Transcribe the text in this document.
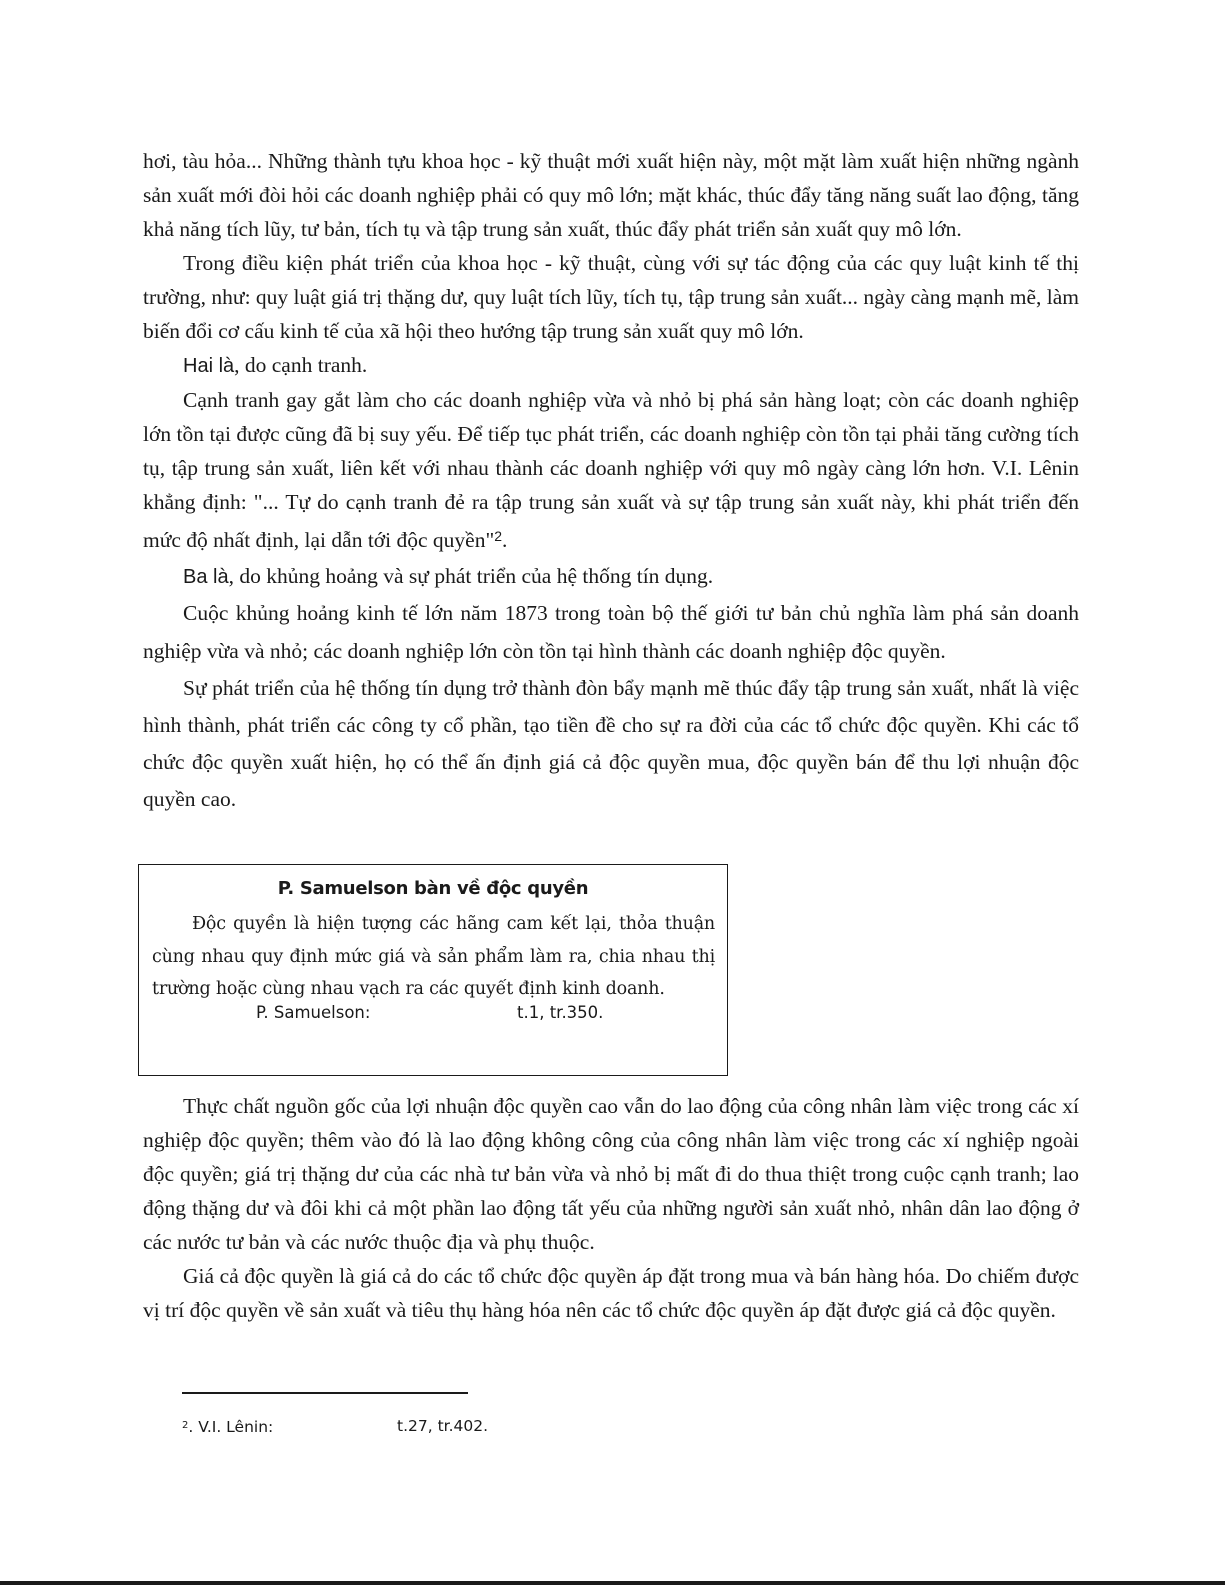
hơi, tàu hỏa... Những thành tựu khoa học - kỹ thuật mới xuất hiện này, một mặt làm xuất hiện những ngành sản xuất mới đòi hỏi các doanh nghiệp phải có quy mô lớn; mặt khác, thúc đẩy tăng năng suất lao động, tăng khả năng tích lũy, tư bản, tích tụ và tập trung sản xuất, thúc đẩy phát triển sản xuất quy mô lớn.

Trong điều kiện phát triển của khoa học - kỹ thuật, cùng với sự tác động của các quy luật kinh tế thị trường, như: quy luật giá trị thặng dư, quy luật tích lũy, tích tụ, tập trung sản xuất... ngày càng mạnh mẽ, làm biến đổi cơ cấu kinh tế của xã hội theo hướng tập trung sản xuất quy mô lớn.

Hai là, do cạnh tranh.

Cạnh tranh gay gắt làm cho các doanh nghiệp vừa và nhỏ bị phá sản hàng loạt; còn các doanh nghiệp lớn tồn tại được cũng đã bị suy yếu. Để tiếp tục phát triển, các doanh nghiệp còn tồn tại phải tăng cường tích tụ, tập trung sản xuất, liên kết với nhau thành các doanh nghiệp với quy mô ngày càng lớn hơn. V.I. Lênin khẳng định: "... Tự do cạnh tranh đẻ ra tập trung sản xuất và sự tập trung sản xuất này, khi phát triển đến mức độ nhất định, lại dẫn tới độc quyền"$^2$.

Ba là, do khủng hoảng và sự phát triển của hệ thống tín dụng.

Cuộc khủng hoảng kinh tế lớn năm 1873 trong toàn bộ thế giới tư bản chủ nghĩa làm phá sản doanh nghiệp vừa và nhỏ; các doanh nghiệp lớn còn tồn tại hình thành các doanh nghiệp độc quyền.

Sự phát triển của hệ thống tín dụng trở thành đòn bẩy mạnh mẽ thúc đẩy tập trung sản xuất, nhất là việc hình thành, phát triển các công ty cổ phần, tạo tiền đề cho sự ra đời của các tổ chức độc quyền. Khi các tổ chức độc quyền xuất hiện, họ có thể ấn định giá cả độc quyền mua, độc quyền bán để thu lợi nhuận độc quyền cao.

P. Samuelson bàn về độc quyền

Độc quyền là hiện tượng các hãng cam kết lại, thỏa thuận cùng nhau quy định mức giá và sản phẩm làm ra, chia nhau thị trường hoặc cùng nhau vạch ra các quyết định kinh doanh.

P. Samuelson:	t.1, tr.350.

Thực chất nguồn gốc của lợi nhuận độc quyền cao vẫn do lao động của công nhân làm việc trong các xí nghiệp độc quyền; thêm vào đó là lao động không công của công nhân làm việc trong các xí nghiệp ngoài độc quyền; giá trị thặng dư của các nhà tư bản vừa và nhỏ bị mất đi do thua thiệt trong cuộc cạnh tranh; lao động thặng dư và đôi khi cả một phần lao động tất yếu của những người sản xuất nhỏ, nhân dân lao động ở các nước tư bản và các nước thuộc địa và phụ thuộc.

Giá cả độc quyền là giá cả do các tổ chức độc quyền áp đặt trong mua và bán hàng hóa. Do chiếm được vị trí độc quyền về sản xuất và tiêu thụ hàng hóa nên các tổ chức độc quyền áp đặt được giá cả độc quyền.

$^2$. V.I. Lênin:	t.27, tr.402.
